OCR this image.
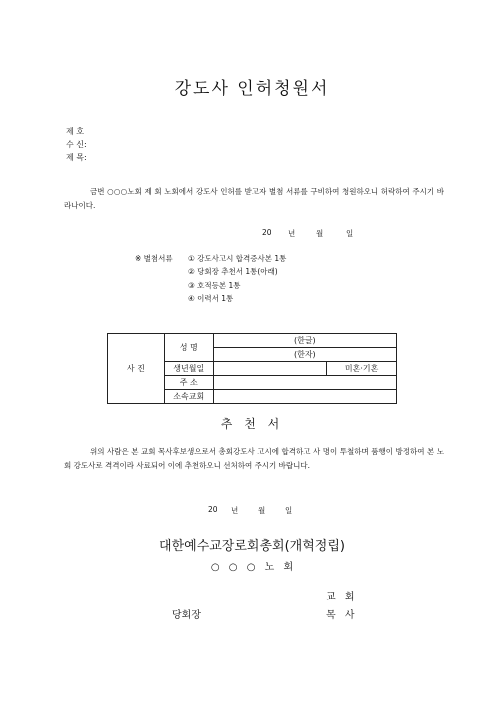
강도사 인허청원서
제 호
수 신:
제 목:
금번 ○○○노회 제 회 노회에서 강도사 인허를 받고자 별첨 서류를 구비하여 청원하오니 허락하여 주시기 바라나이다.
20 년	월	일
※ 별첨서류 ① 강도사고시 합격증사본 1통
② 당회장 추천서 1통(아래)
③ 호적등본 1통
④ 이력서 1통
사 진	성 명	(한글)	
		(한자)	
	생년월일		미혼·기혼
	주 소		
	소속교회		
추 천 서
위의 사람은 본 교회 목사후보생으로서 총회강도사 고시에 합격하고 사 명이 투철하며 품행이 방정하여 본 노회 강도사로 격격이라 사료되어 이에 추천하오니 선처하여 주시기 바랍니다.
20 년	월	일
대한예수교장로회총회(개혁정립)
○ ○ ○ 노 회
교 회
당회장	목 사
